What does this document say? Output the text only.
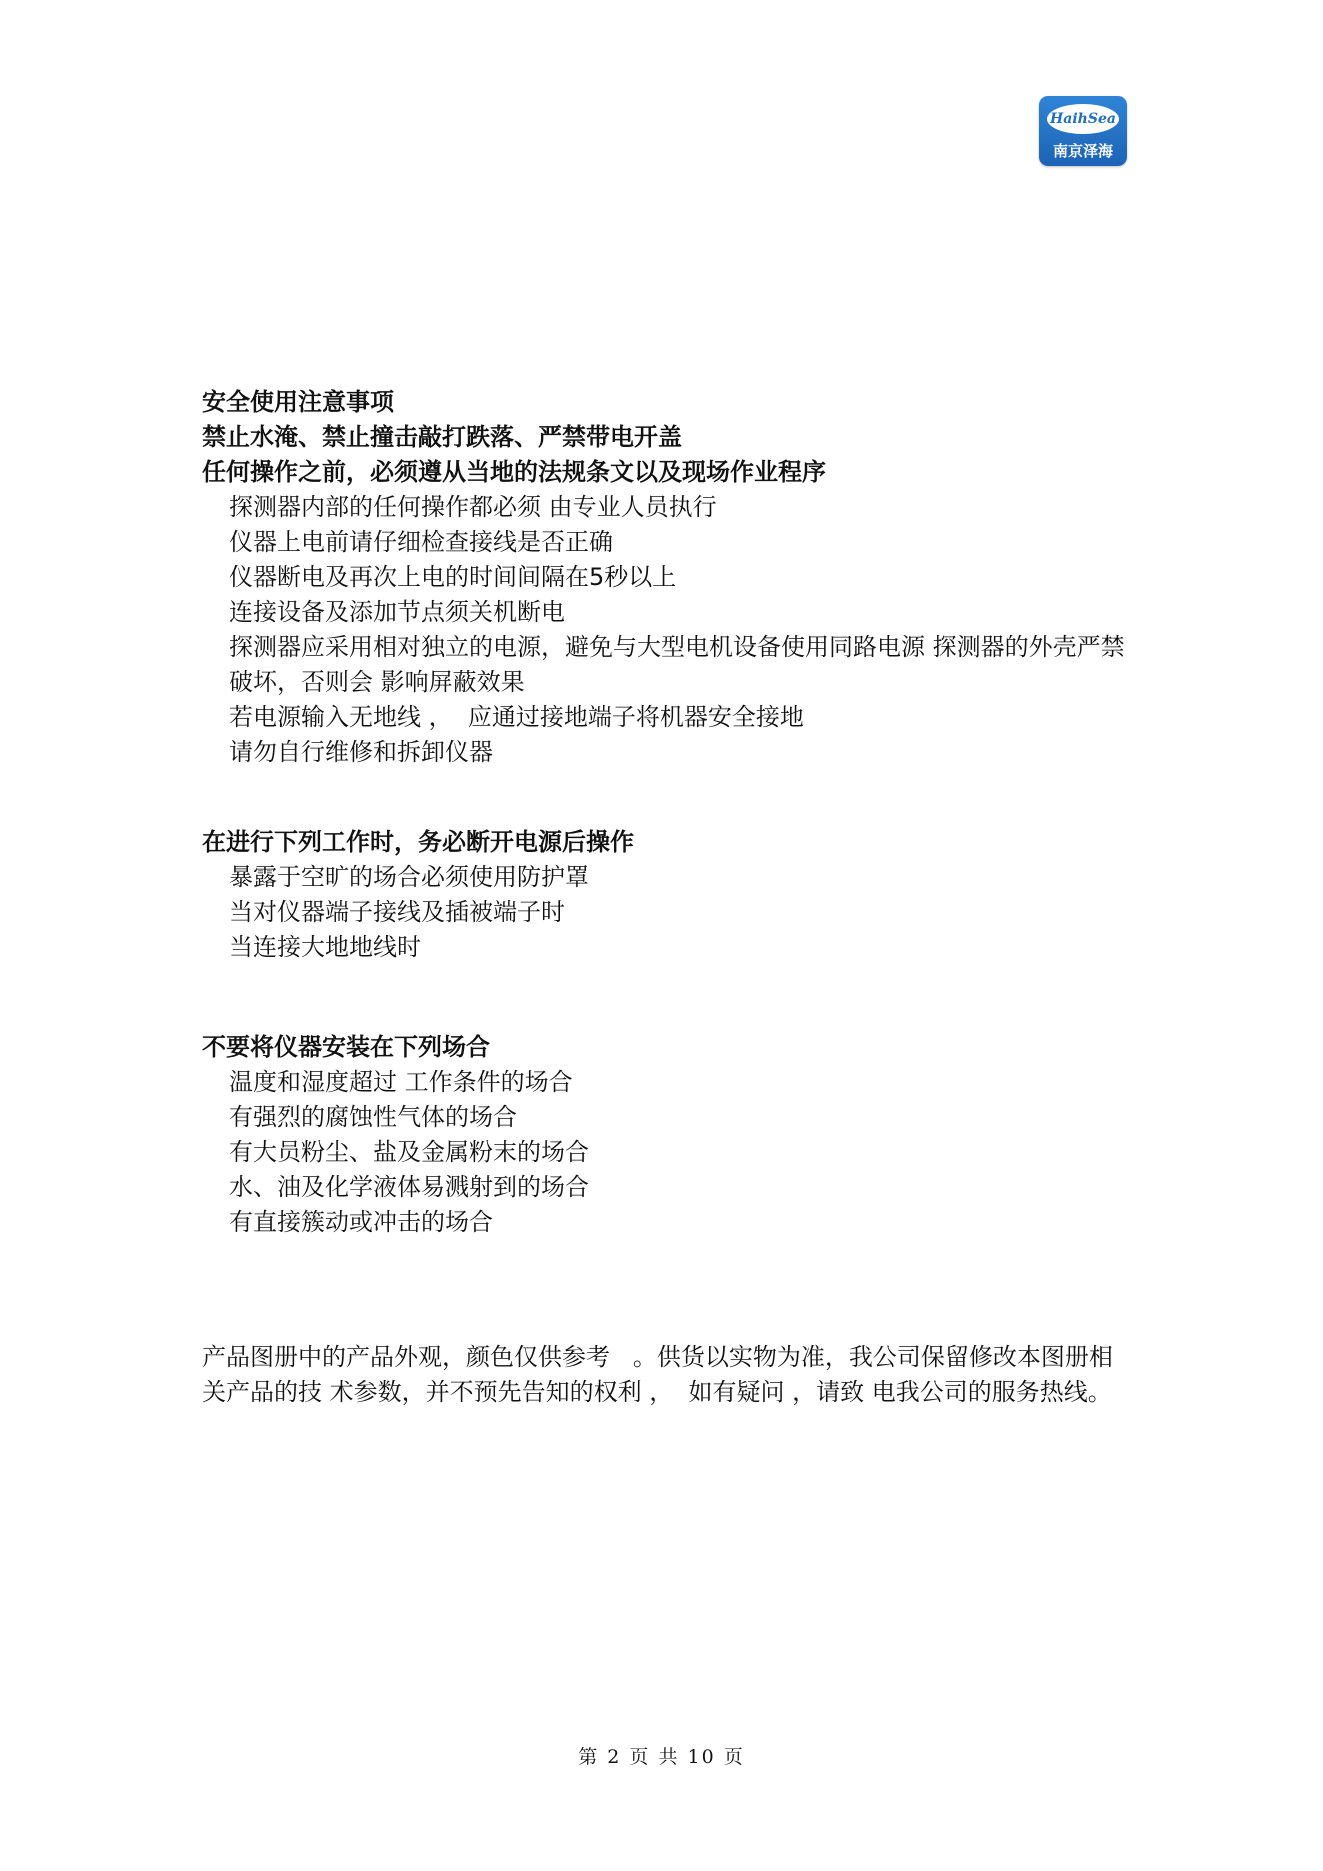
HaihSea
南京泽海
安全使用注意事项
禁止水淹、禁止撞击敲打跌落、严禁带电开盖
任何操作之前，必须遵从当地的法规条文以及现场作业程序
探测器内部的任何操作都必须 由专业人员执行
仪器上电前请仔细检查接线是否正确
仪器断电及再次上电的时间间隔在5秒以上
连接设备及添加节点须关机断电
探测器应采用相对独立的电源，避免与大型电机设备使用同路电源 探测器的外壳严禁破坏，否则会 影响屏蔽效果
若电源输入无地线 ，  应通过接地端子将机器安全接地
请勿自行维修和拆卸仪器
在进行下列工作时，务必断开电源后操作
暴露于空旷的场合必须使用防护罩
当对仪器端子接线及插被端子时
当连接大地地线时
不要将仪器安装在下列场合
温度和湿度超过 工作条件的场合
有强烈的腐蚀性气体的场合
有大员粉尘、盐及金属粉末的场合
水、油及化学液体易溅射到的场合
有直接簇动或冲击的场合
产品图册中的产品外观，颜色仅供参考   。供货以实物为准，我公司保留修改本图册相关产品的技 术参数，并不预先告知的权利 ，  如有疑问 ，请致 电我公司的服务热线。
第 2 页 共 10 页
